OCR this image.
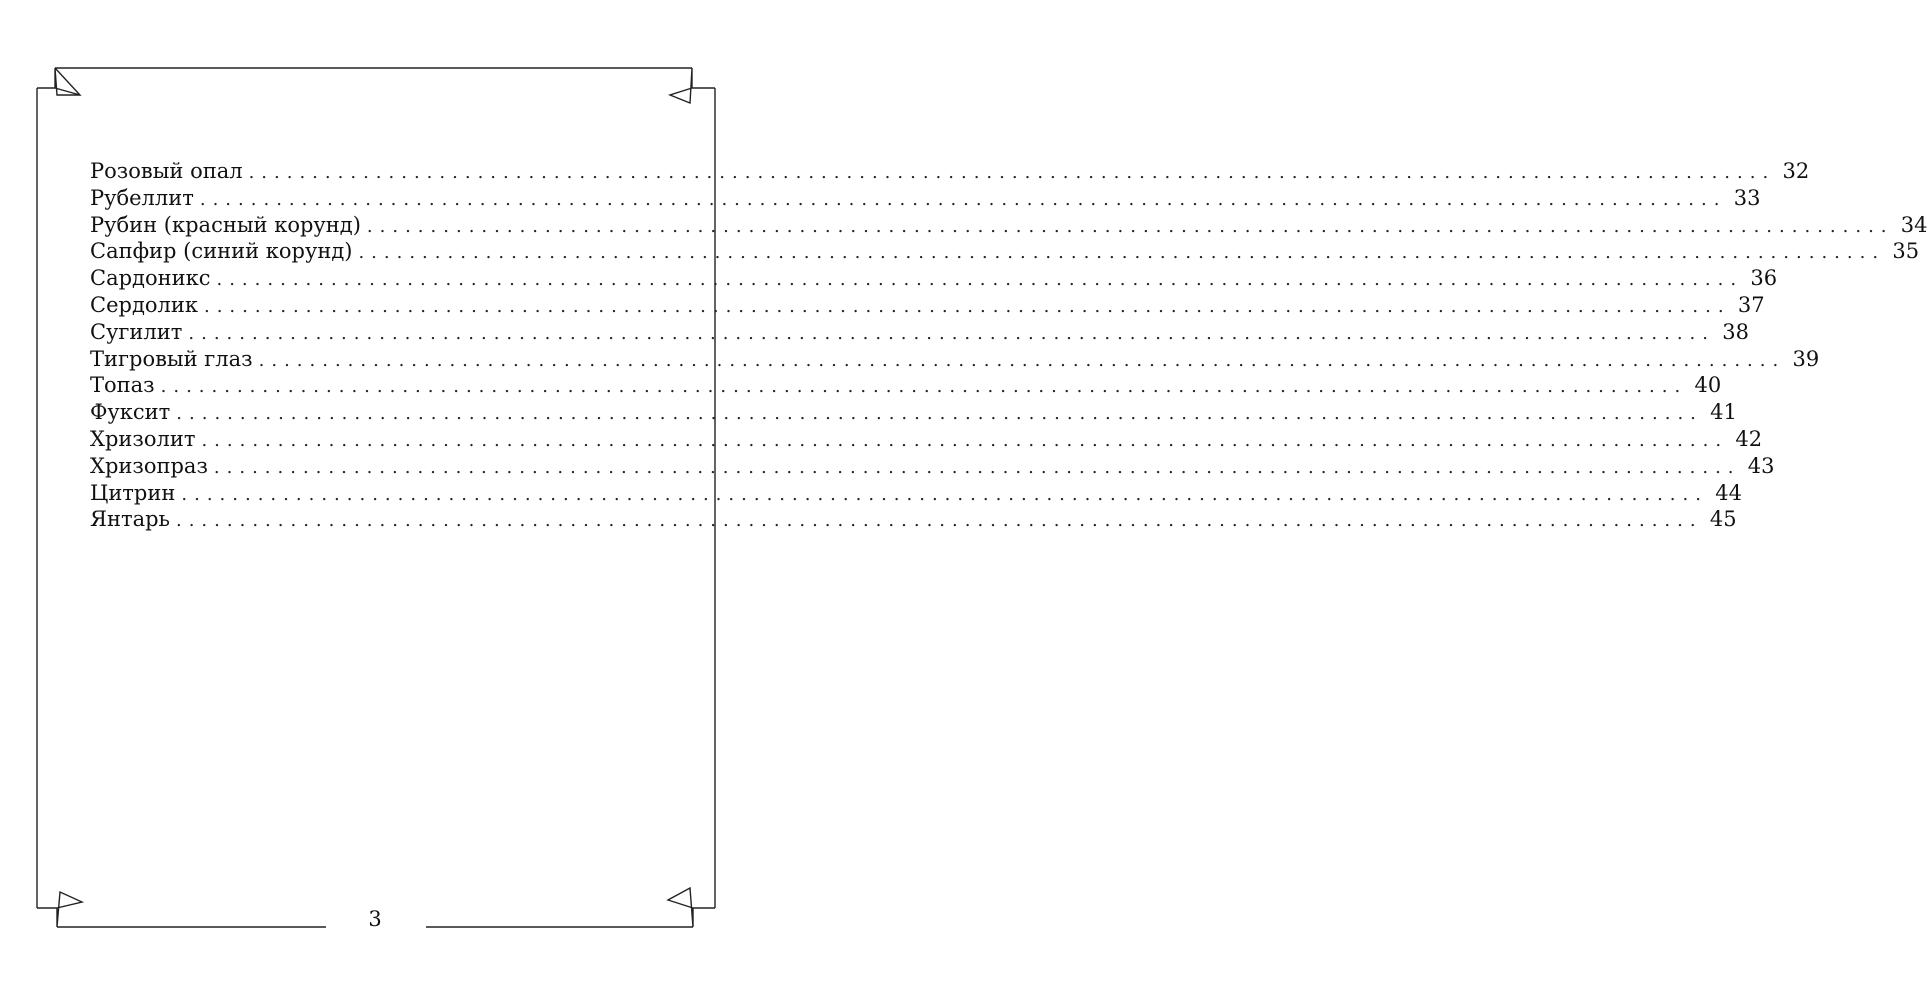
Розовый опал ........................................................................................................................ 32
Рубеллит ........................................................................................................................ 33
Рубин (красный корунд) ........................................................................................................................ 34
Сапфир (синий корунд) ........................................................................................................................ 35
Сардоникс ........................................................................................................................ 36
Сердолик ........................................................................................................................ 37
Сугилит ........................................................................................................................ 38
Тигровый глаз ........................................................................................................................ 39
Топаз ........................................................................................................................ 40
Фуксит ........................................................................................................................ 41
Хризолит ........................................................................................................................ 42
Хризопраз ........................................................................................................................ 43
Цитрин ........................................................................................................................ 44
Янтарь ........................................................................................................................ 45
3
